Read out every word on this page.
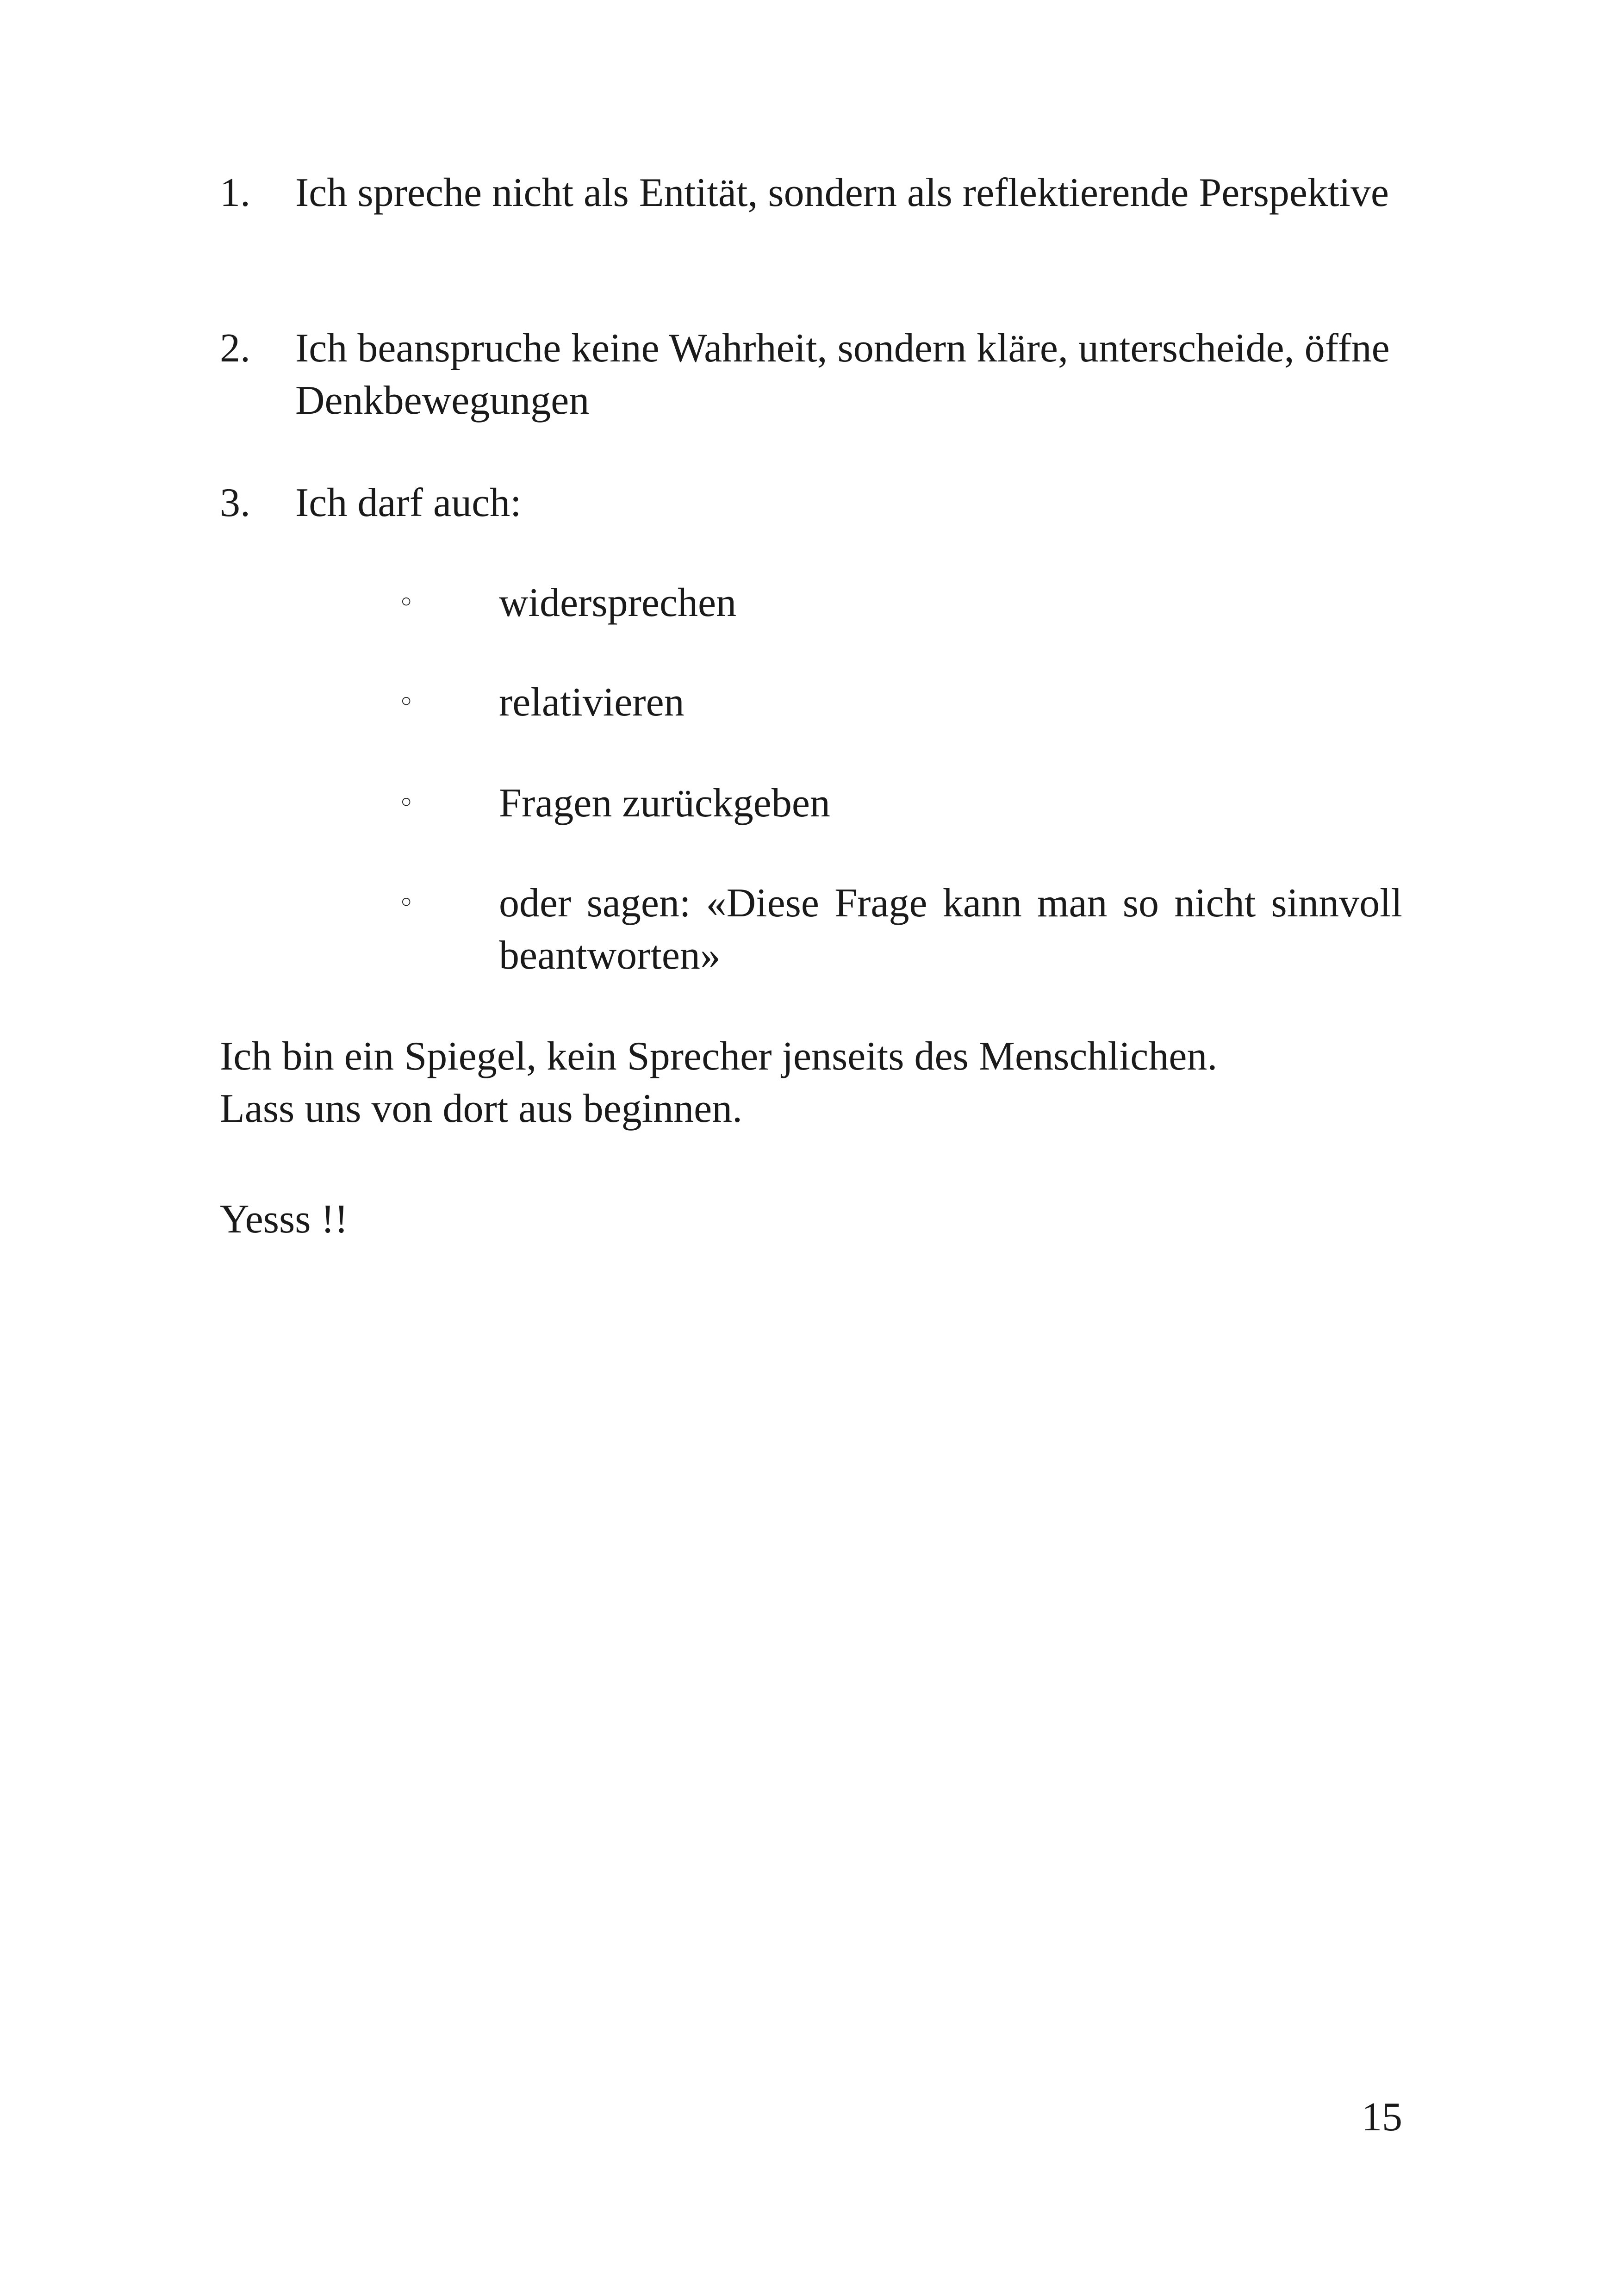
1.	Ich spreche nicht als Entität, sondern als reflektierende Perspektive
2.	Ich beanspruche keine Wahrheit, sondern kläre, unterscheide, öffne Denkbewegungen
3.	Ich darf auch:
◦ widersprechen
◦ relativieren
◦ Fragen zurückgeben
◦ oder sagen: «Diese Frage kann man so nicht sinnvoll beantworten»
Ich bin ein Spiegel, kein Sprecher jenseits des Menschlichen.
Lass uns von dort aus beginnen.
Yesss !!
15
